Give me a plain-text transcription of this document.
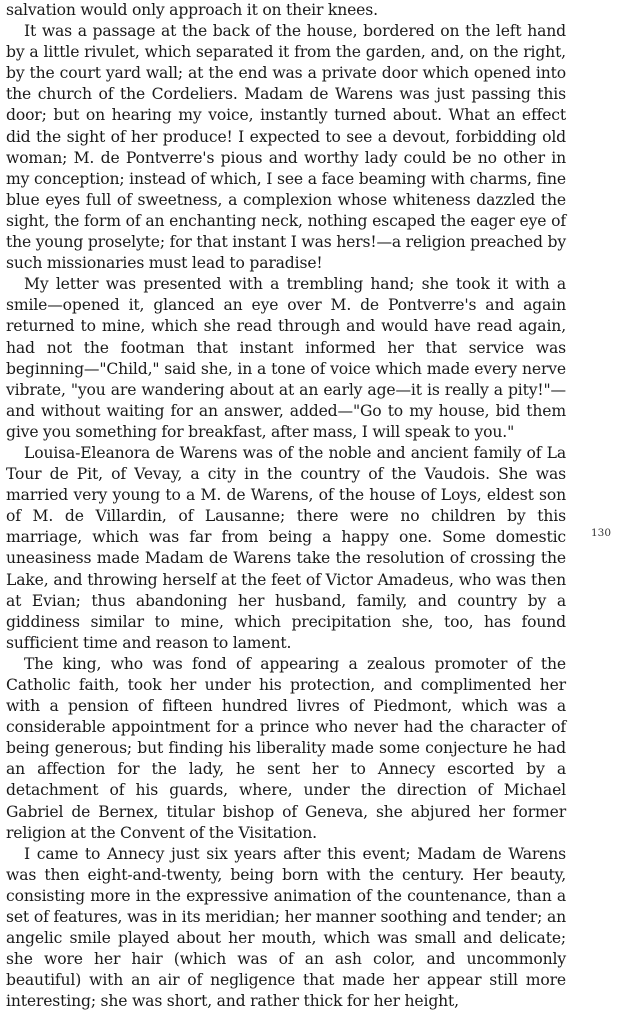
salvation would only approach it on their knees.

It was a passage at the back of the house, bordered on the left hand by a little rivulet, which separated it from the garden, and, on the right, by the court yard wall; at the end was a private door which opened into the church of the Cordeliers. Madam de Warens was just passing this door; but on hearing my voice, instantly turned about. What an effect did the sight of her produce! I expected to see a devout, forbidding old woman; M. de Pontverre's pious and worthy lady could be no other in my conception; instead of which, I see a face beaming with charms, fine blue eyes full of sweetness, a complexion whose whiteness dazzled the sight, the form of an enchanting neck, nothing escaped the eager eye of the young proselyte; for that instant I was hers!—a religion preached by such missionaries must lead to paradise!

My letter was presented with a trembling hand; she took it with a smile—opened it, glanced an eye over M. de Pontverre's and again returned to mine, which she read through and would have read again, had not the footman that instant informed her that service was beginning—"Child," said she, in a tone of voice which made every nerve vibrate, "you are wandering about at an early age—it is really a pity!"—and without waiting for an answer, added—"Go to my house, bid them give you something for breakfast, after mass, I will speak to you."

Louisa-Eleanora de Warens was of the noble and ancient family of La Tour de Pit, of Vevay, a city in the country of the Vaudois. She was married very young to a M. de Warens, of the house of Loys, eldest son of M. de Villardin, of Lausanne; there were no children by this marriage, which was far from being a happy one. Some domestic uneasiness made Madam de Warens take the resolution of crossing the Lake, and throwing herself at the feet of Victor Amadeus, who was then at Evian; thus abandoning her husband, family, and country by a giddiness similar to mine, which precipitation she, too, has found sufficient time and reason to lament.

The king, who was fond of appearing a zealous promoter of the Catholic faith, took her under his protection, and complimented her with a pension of fifteen hundred livres of Piedmont, which was a considerable appointment for a prince who never had the character of being generous; but finding his liberality made some conjecture he had an affection for the lady, he sent her to Annecy escorted by a detachment of his guards, where, under the direction of Michael Gabriel de Bernex, titular bishop of Geneva, she abjured her former religion at the Convent of the Visitation.

I came to Annecy just six years after this event; Madam de Warens was then eight-and-twenty, being born with the century. Her beauty, consisting more in the expressive animation of the countenance, than a set of features, was in its meridian; her manner soothing and tender; an angelic smile played about her mouth, which was small and delicate; she wore her hair (which was of an ash color, and uncommonly beautiful) with an air of negligence that made her appear still more interesting; she was short, and rather thick for her height,

130
